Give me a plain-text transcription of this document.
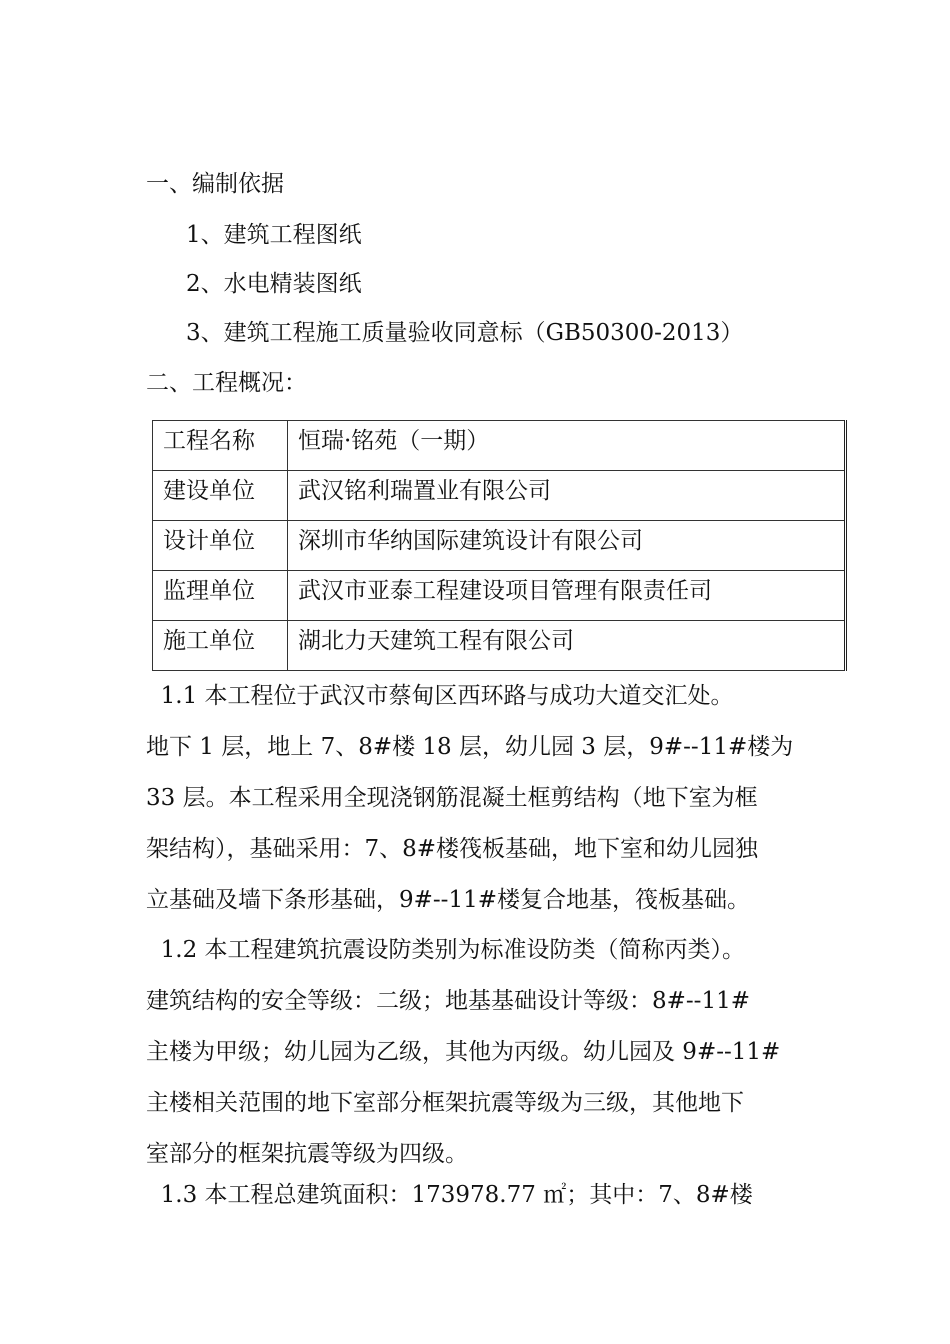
一、编制依据
1、建筑工程图纸
2、水电精装图纸
3、建筑工程施工质量验收同意标（GB50300-2013）
二、工程概况：
工程名称	恒瑞·铭苑（一期）
建设单位	武汉铭利瑞置业有限公司
设计单位	深圳市华纳国际建筑设计有限公司
监理单位	武汉市亚泰工程建设项目管理有限责任司
施工单位	湖北力天建筑工程有限公司
1.1 本工程位于武汉市蔡甸区西环路与成功大道交汇处。
地下 1 层，地上 7、8#楼 18 层，幼儿园 3 层，9#--11#楼为
33 层。本工程采用全现浇钢筋混凝土框剪结构（地下室为框
架结构），基础采用：7、8#楼筏板基础，地下室和幼儿园独
立基础及墙下条形基础，9#--11#楼复合地基，筏板基础。
1.2 本工程建筑抗震设防类别为标准设防类（简称丙类）。
建筑结构的安全等级：二级；地基基础设计等级：8#--11#
主楼为甲级；幼儿园为乙级，其他为丙级。幼儿园及 9#--11#
主楼相关范围的地下室部分框架抗震等级为三级，其他地下
室部分的框架抗震等级为四级。
1.3 本工程总建筑面积：173978.77 ㎡；其中：7、8#楼
